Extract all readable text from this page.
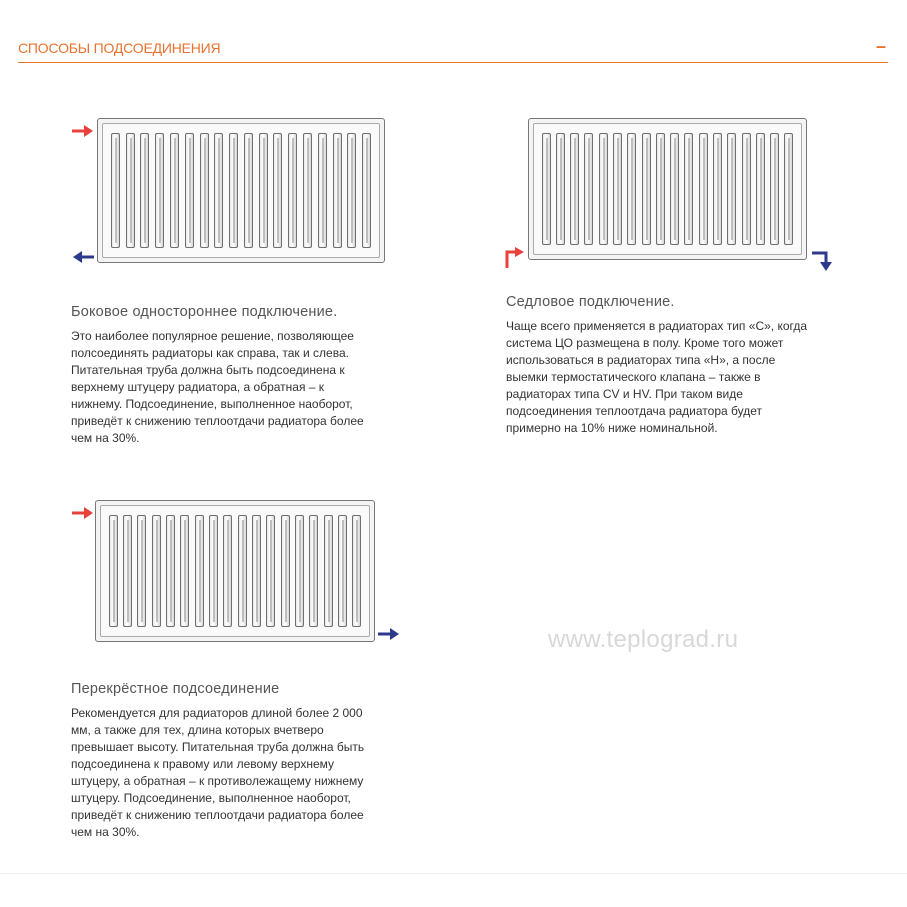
СПОСОБЫ ПОДСОЕДИНЕНИЯ	–
Боковое одностороннее подключение.
Это наиболее популярное решение, позволяющее
полсоединять радиаторы как справа, так и слева.
Питательная труба должна быть подсоединена к
верхнему штуцеру радиатора, а обратная – к
нижнему. Подсоединение, выполненное наоборот,
приведёт к снижению теплоотдачи радиатора более
чем на 30%.
Седловое подключение.
Чаще всего применяется в радиаторах тип «С», когда
система ЦО размещена в полу. Кроме того может
использоваться в радиаторах типа «Н», а после
выемки термостатического клапана – также в
радиаторах типа CV и HV. При таком виде
подсоединения теплоотдача радиатора будет
примерно на 10% ниже номинальной.
Перекрёстное подсоединение
Рекомендуется для радиаторов длиной более 2 000
мм, а также для тех, длина которых вчетверо
превышает высоту. Питательная труба должна быть
подсоединена к правому или левому верхнему
штуцеру, а обратная – к противолежащему нижнему
штуцеру. Подсоединение, выполненное наоборот,
приведёт к снижению теплоотдачи радиатора более
чем на 30%.
www.teplograd.ru
